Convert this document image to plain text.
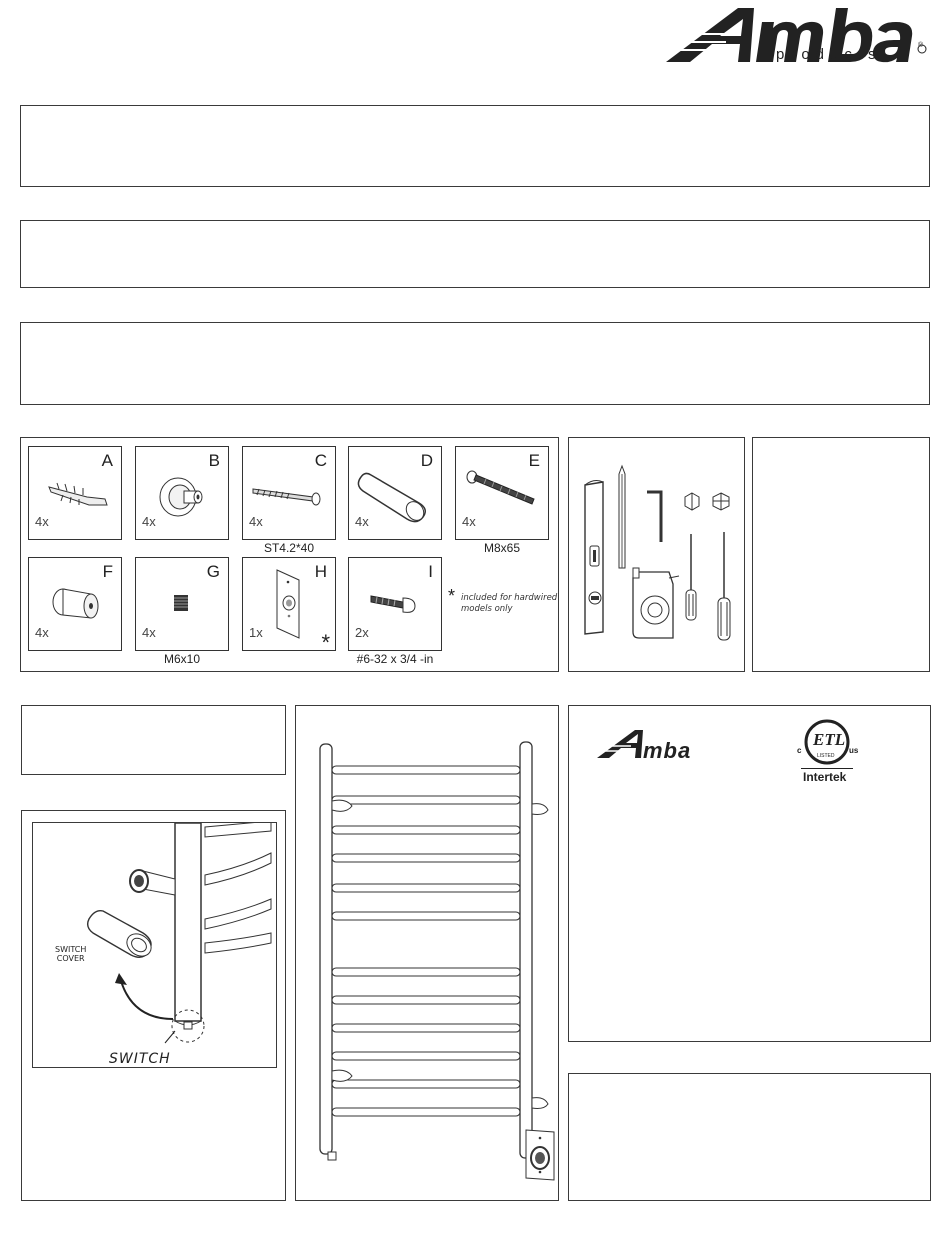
®
products
A
4x
B
4x
C
4x
ST4.2*40
D
4x
E
4x
M8x65
F
4x
G
4x
M6x10
H
1x	*
I
2x
#6-32 x 3/4 -in
* included for hardwired
models only
SWITCH
COVER
SWITCH
mba	ETL
LISTED
c	us
Intertek
